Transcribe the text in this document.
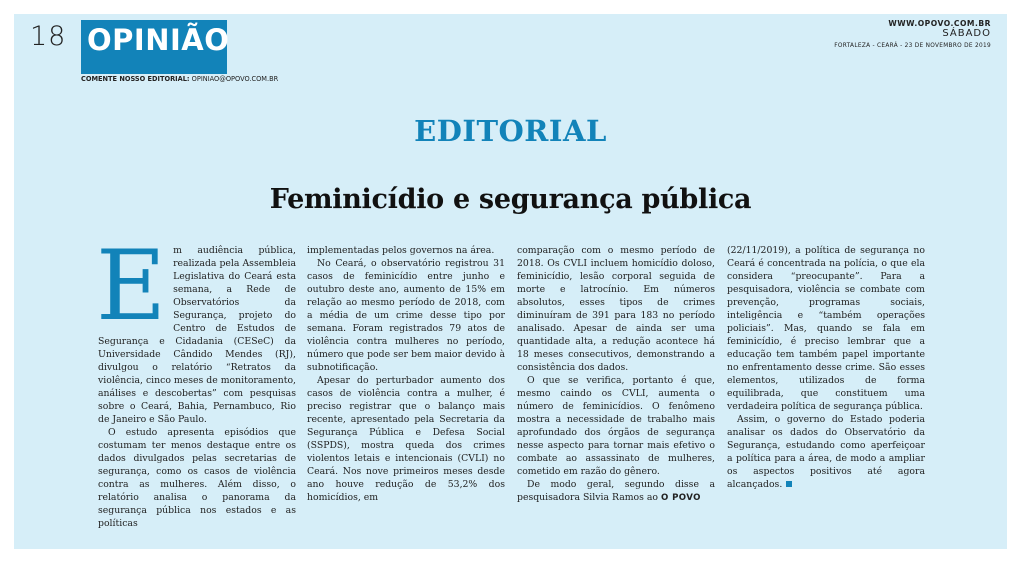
18 OPINIÃO
COMENTE NOSSO EDITORIAL: OPINIAO@OPOVO.COM.BR
WWW.OPOVO.COM.BR
SÁBADO
FORTALEZA - CEARÁ - 23 DE NOVEMBRO DE 2019
EDITORIAL
Feminicídio e segurança pública
E m audiência pública, realizada pela Assembleia Legislativa do Ceará esta semana, a Rede de Observatórios da Segurança, projeto do Centro de Estudos de Segurança e Cidadania (CESeC) da Universidade Cândido Mendes (RJ), divulgou o relatório “Retratos da violência, cinco meses de monitoramento, análises e descobertas” com pesquisas sobre o Ceará, Bahia, Pernambuco, Rio de Janeiro e São Paulo.

O estudo apresenta episódios que costumam ter menos destaque entre os dados divulgados pelas secretarias de segurança, como os casos de violência contra as mulheres. Além disso, o relatório analisa o panorama da segurança pública nos estados e as políticas

implementadas pelos governos na área.

No Ceará, o observatório registrou 31 casos de feminicídio entre junho e outubro deste ano, aumento de 15% em relação ao mesmo período de 2018, com a média de um crime desse tipo por semana. Foram registrados 79 atos de violência contra mulheres no período, número que pode ser bem maior devido à subnotificação.

Apesar do perturbador aumento dos casos de violência contra a mulher, é preciso registrar que o balanço mais recente, apresentado pela Secretaria da Segurança Pública e Defesa Social (SSPDS), mostra queda dos crimes violentos letais e intencionais (CVLI) no Ceará. Nos nove primeiros meses desde ano houve redução de 53,2% dos homicídios, em

comparação com o mesmo período de 2018. Os CVLI incluem homicídio doloso, feminicídio, lesão corporal seguida de morte e latrocínio. Em números absolutos, esses tipos de crimes diminuíram de 391 para 183 no período analisado. Apesar de ainda ser uma quantidade alta, a redução acontece há 18 meses consecutivos, demonstrando a consistência dos dados.

O que se verifica, portanto é que, mesmo caindo os CVLI, aumenta o número de feminicídios. O fenômeno mostra a necessidade de trabalho mais aprofundado dos órgãos de segurança nesse aspecto para tornar mais efetivo o combate ao assassinato de mulheres, cometido em razão do gênero.

De modo geral, segundo disse a pesquisadora Silvia Ramos ao O POVO

(22/11/2019), a política de segurança no Ceará é concentrada na polícia, o que ela considera “preocupante”. Para a pesquisadora, violência se combate com prevenção, programas sociais, inteligência e “também operações policiais”. Mas, quando se fala em feminicídio, é preciso lembrar que a educação tem também papel importante no enfrentamento desse crime. São esses elementos, utilizados de forma equilibrada, que constituem uma verdadeira política de segurança pública.

Assim, o governo do Estado poderia analisar os dados do Observatório da Segurança, estudando como aperfeiçoar a política para a área, de modo a ampliar os aspectos positivos até agora alcançados.
